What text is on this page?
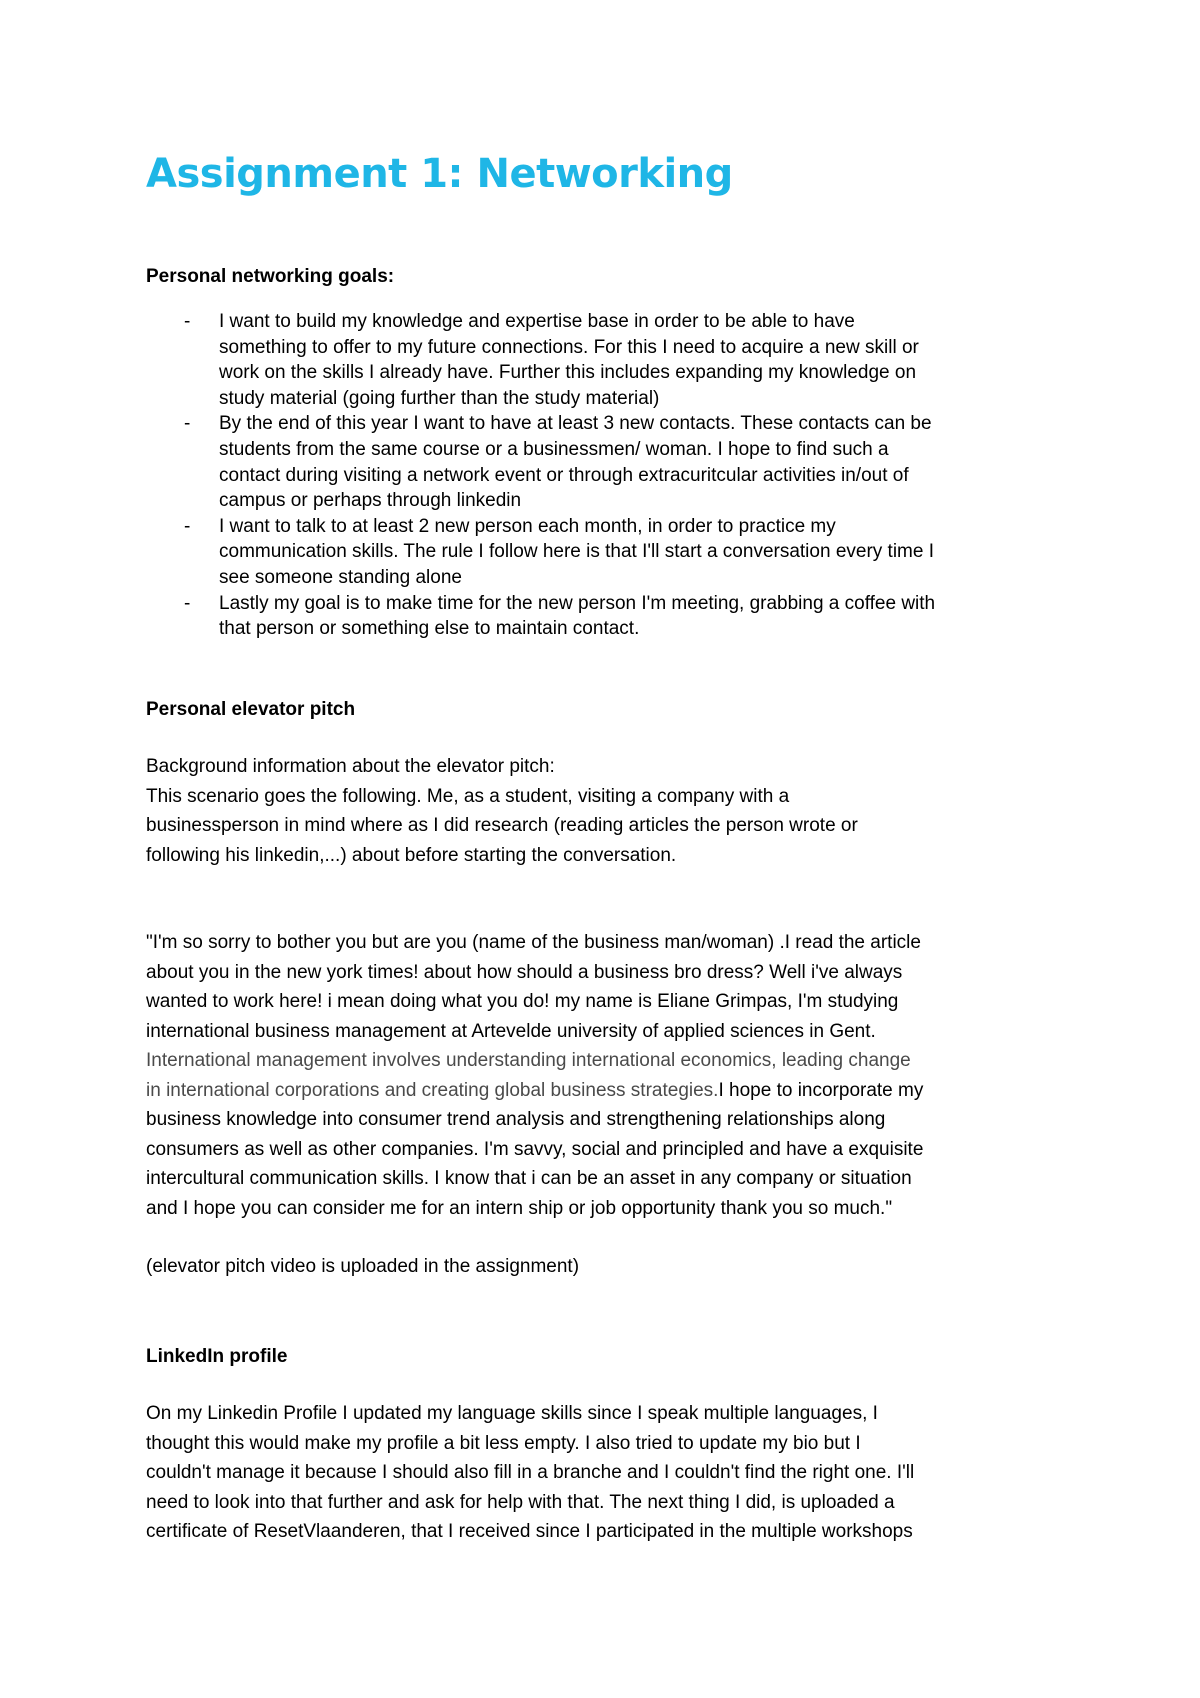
Assignment 1: Networking
Personal networking goals:
- I want to build my knowledge and expertise base in order to be able to have
something to offer to my future connections. For this I need to acquire a new skill or
work on the skills I already have. Further this includes expanding my knowledge on
study material (going further than the study material)
- By the end of this year I want to have at least 3 new contacts. These contacts can be
students from the same course or a businessmen/ woman. I hope to find such a
contact during visiting a network event or through extracuritcular activities in/out of
campus or perhaps through linkedin
- I want to talk to at least 2 new person each month, in order to practice my
communication skills. The rule I follow here is that I'll start a conversation every time I
see someone standing alone
- Lastly my goal is to make time for the new person I'm meeting, grabbing a coffee with
that person or something else to maintain contact.
Personal elevator pitch

Background information about the elevator pitch:
This scenario goes the following. Me, as a student, visiting a company with a
businessperson in mind where as I did research (reading articles the person wrote or
following his linkedin,...) about before starting the conversation.

"I'm so sorry to bother you but are you (name of the business man/woman) .I read the article
about you in the new york times! about how should a business bro dress? Well i've always
wanted to work here! i mean doing what you do! my name is Eliane Grimpas, I'm studying
international business management at Artevelde university of applied sciences in Gent.
International management involves understanding international economics, leading change
in international corporations and creating global business strategies.I hope to incorporate my
business knowledge into consumer trend analysis and strengthening relationships along
consumers as well as other companies. I'm savvy, social and principled and have a exquisite
intercultural communication skills. I know that i can be an asset in any company or situation
and I hope you can consider me for an intern ship or job opportunity thank you so much."

(elevator pitch video is uploaded in the assignment)

LinkedIn profile

On my Linkedin Profile I updated my language skills since I speak multiple languages, I
thought this would make my profile a bit less empty. I also tried to update my bio but I
couldn't manage it because I should also fill in a branche and I couldn't find the right one. I'll
need to look into that further and ask for help with that. The next thing I did, is uploaded a
certificate of ResetVlaanderen, that I received since I participated in the multiple workshops
